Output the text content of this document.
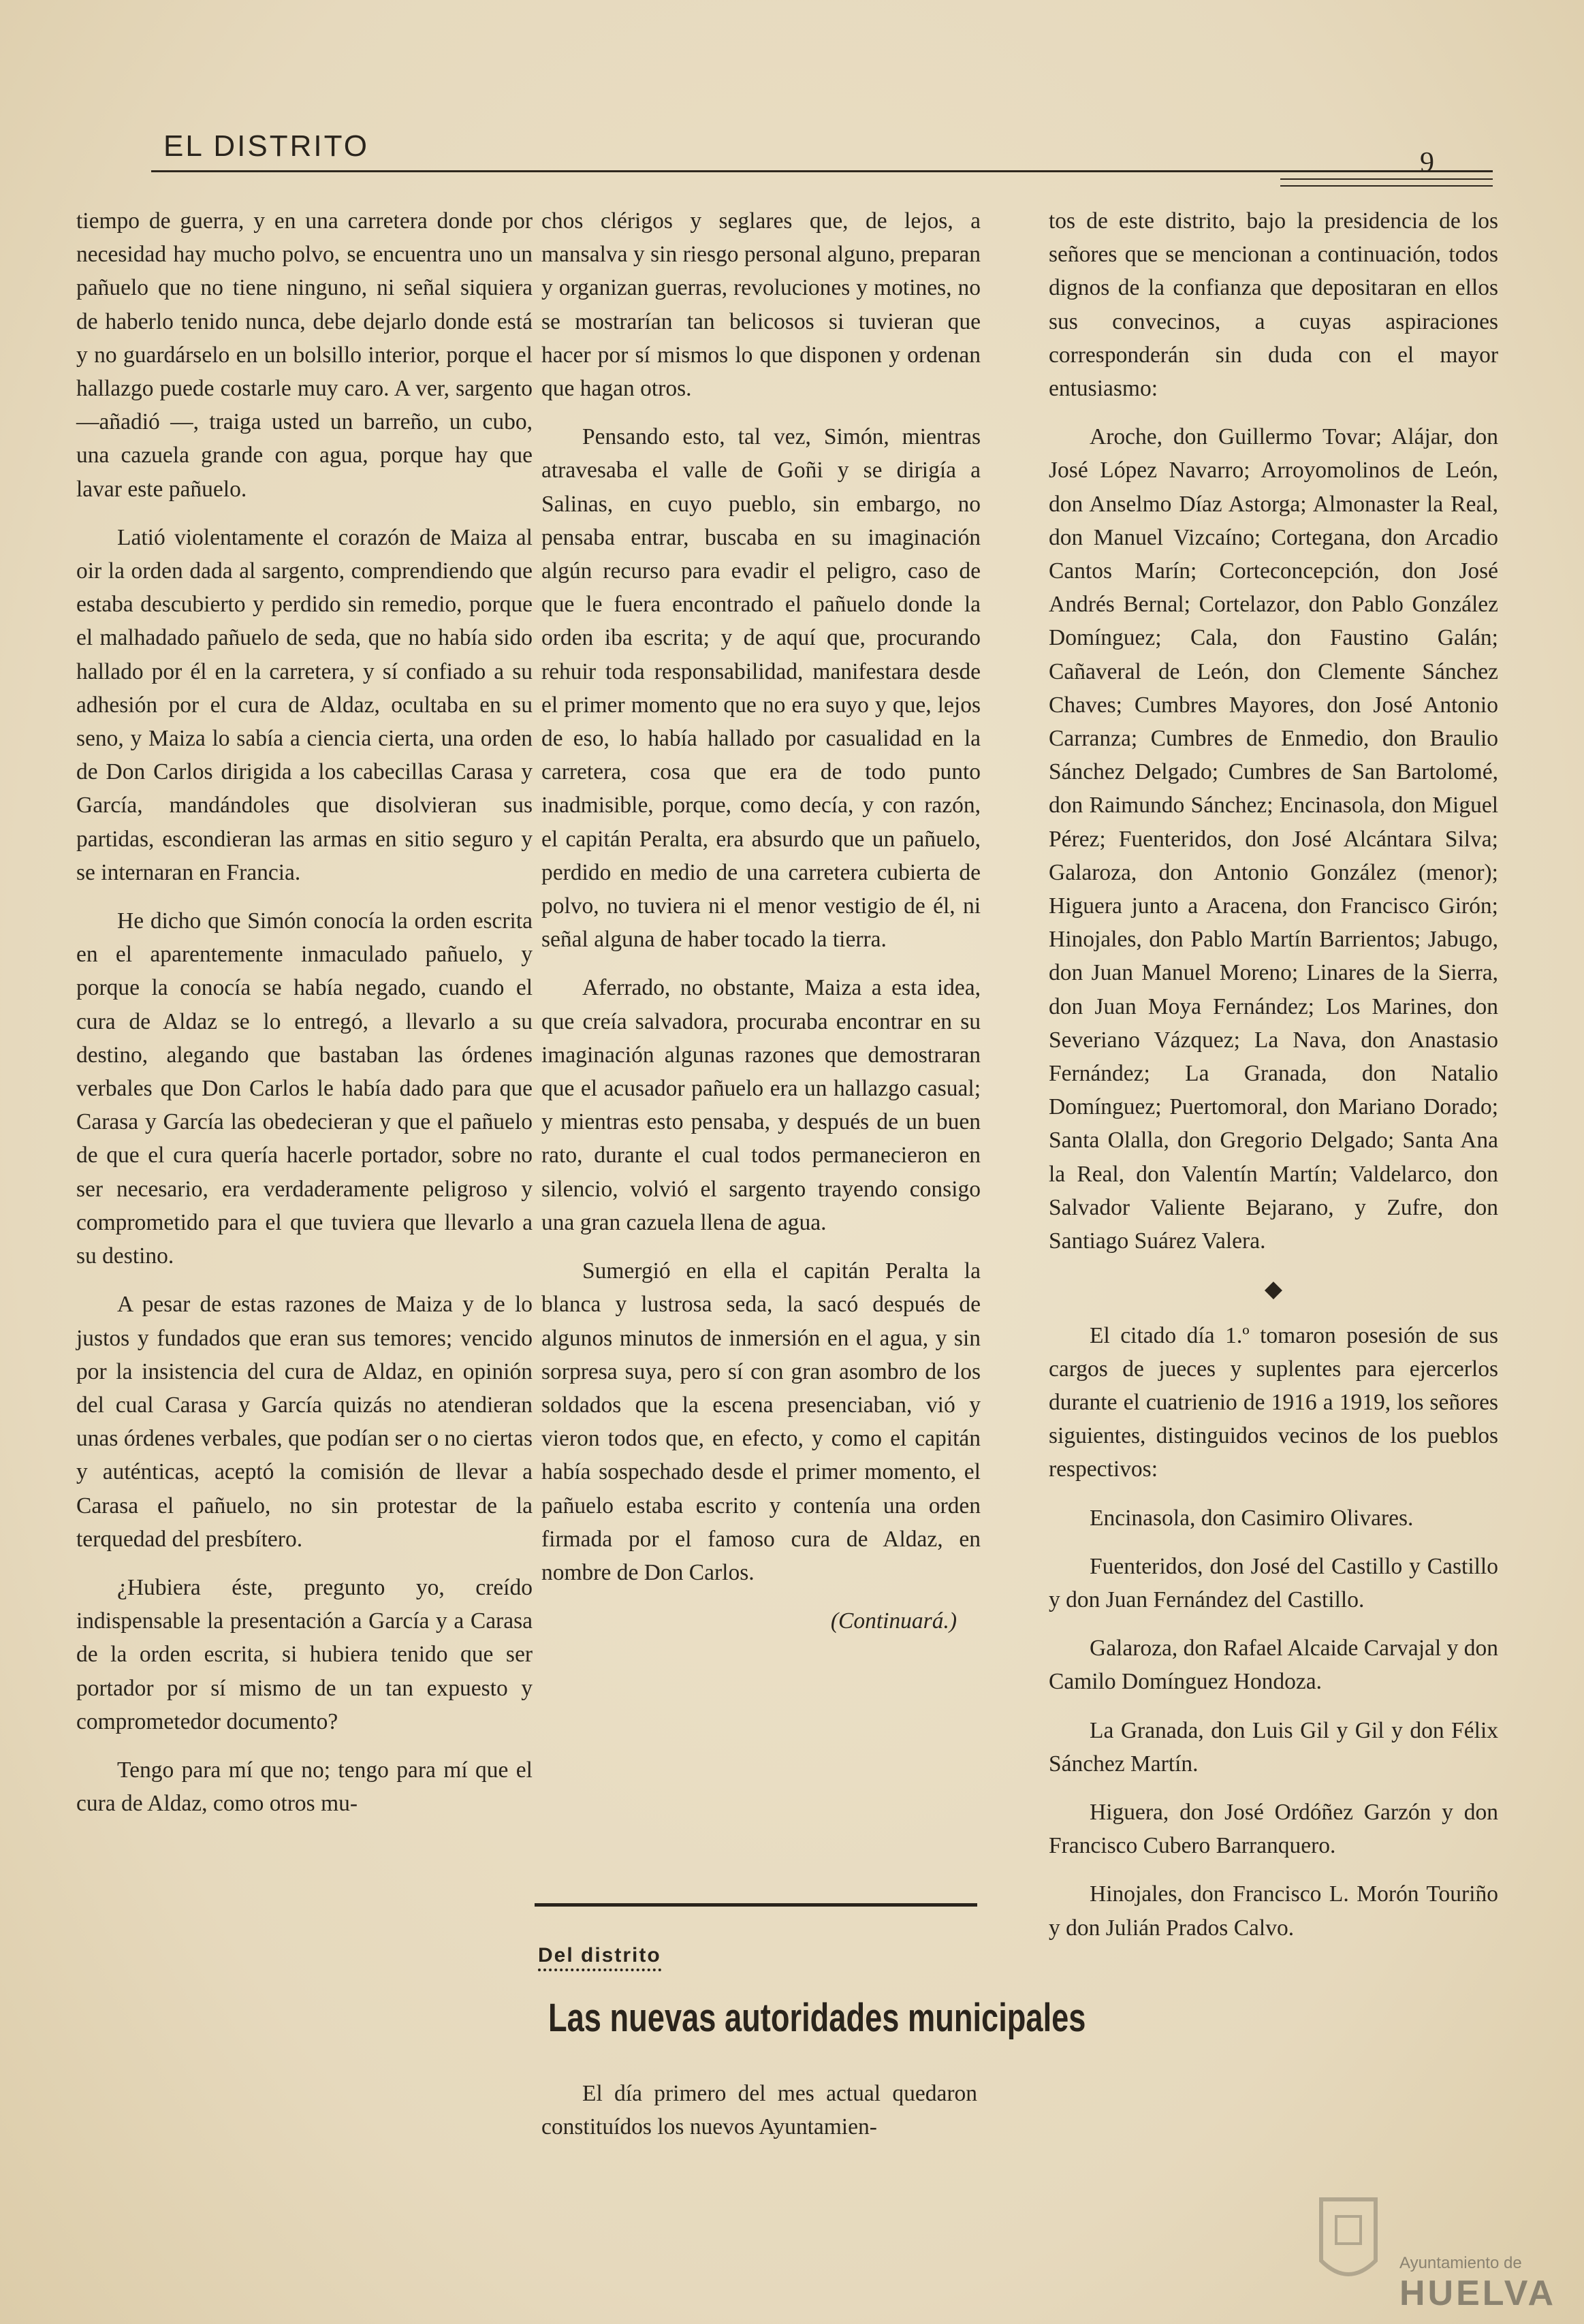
EL DISTRITO	9

tiempo de guerra, y en una carretera donde por necesidad hay mucho polvo, se encuentra uno un pañuelo que no tiene ninguno, ni señal siquiera de haberlo tenido nunca, debe dejarlo donde está y no guardárselo en un bolsillo interior, porque el hallazgo puede costarle muy caro. A ver, sargento —añadió —, traiga usted un barreño, un cubo, una cazuela grande con agua, porque hay que lavar este pañuelo.

Latió violentamente el corazón de Maiza al oir la orden dada al sargento, comprendiendo que estaba descubierto y perdido sin remedio, porque el malhadado pañuelo de seda, que no había sido hallado por él en la carretera, y sí confiado a su adhesión por el cura de Aldaz, ocultaba en su seno, y Maiza lo sabía a ciencia cierta, una orden de Don Carlos dirigida a los cabecillas Carasa y García, mandándoles que disolvieran sus partidas, escondieran las armas en sitio seguro y se internaran en Francia.

He dicho que Simón conocía la orden escrita en el aparentemente inmaculado pañuelo, y porque la conocía se había negado, cuando el cura de Aldaz se lo entregó, a llevarlo a su destino, alegando que bastaban las órdenes verbales que Don Carlos le había dado para que Carasa y García las obedecieran y que el pañuelo de que el cura quería hacerle portador, sobre no ser necesario, era verdaderamente peligroso y comprometido para el que tuviera que llevarlo a su destino.

A pesar de estas razones de Maiza y de lo justos y fundados que eran sus temores; vencido por la insistencia del cura de Aldaz, en opinión del cual Carasa y García quizás no atendieran unas órdenes verbales, que podían ser o no ciertas y auténticas, aceptó la comisión de llevar a Carasa el pañuelo, no sin protestar de la terquedad del presbítero.

¿Hubiera éste, pregunto yo, creído indispensable la presentación a García y a Carasa de la orden escrita, si hubiera tenido que ser portador por sí mismo de un tan expuesto y comprometedor documento?

Tengo para mí que no; tengo para mí que el cura de Aldaz, como otros mu-

chos clérigos y seglares que, de lejos, a mansalva y sin riesgo personal alguno, preparan y organizan guerras, revoluciones y motines, no se mostrarían tan belicosos si tuvieran que hacer por sí mismos lo que disponen y ordenan que hagan otros.

Pensando esto, tal vez, Simón, mientras atravesaba el valle de Goñi y se dirigía a Salinas, en cuyo pueblo, sin embargo, no pensaba entrar, buscaba en su imaginación algún recurso para evadir el peligro, caso de que le fuera encontrado el pañuelo donde la orden iba escrita; y de aquí que, procurando rehuir toda responsabilidad, manifestara desde el primer momento que no era suyo y que, lejos de eso, lo había hallado por casualidad en la carretera, cosa que era de todo punto inadmisible, porque, como decía, y con razón, el capitán Peralta, era absurdo que un pañuelo, perdido en medio de una carretera cubierta de polvo, no tuviera ni el menor vestigio de él, ni señal alguna de haber tocado la tierra.

Aferrado, no obstante, Maiza a esta idea, que creía salvadora, procuraba encontrar en su imaginación algunas razones que demostraran que el acusador pañuelo era un hallazgo casual; y mientras esto pensaba, y después de un buen rato, durante el cual todos permanecieron en silencio, volvió el sargento trayendo consigo una gran cazuela llena de agua.

Sumergió en ella el capitán Peralta la blanca y lustrosa seda, la sacó después de algunos minutos de inmersión en el agua, y sin sorpresa suya, pero sí con gran asombro de los soldados que la escena presenciaban, vió y vieron todos que, en efecto, y como el capitán había sospechado desde el primer momento, el pañuelo estaba escrito y contenía una orden firmada por el famoso cura de Aldaz, en nombre de Don Carlos.

(Continuará.)
Del distrito
Las nuevas autoridades municipales

El día primero del mes actual quedaron constituídos los nuevos Ayuntamien-

tos de este distrito, bajo la presidencia de los señores que se mencionan a continuación, todos dignos de la confianza que depositaran en ellos sus convecinos, a cuyas aspiraciones corresponderán sin duda con el mayor entusiasmo:

Aroche, don Guillermo Tovar; Alájar, don José López Navarro; Arroyomolinos de León, don Anselmo Díaz Astorga; Almonaster la Real, don Manuel Vizcaíno; Cortegana, don Arcadio Cantos Marín; Corteconcepción, don José Andrés Bernal; Cortelazor, don Pablo González Domínguez; Cala, don Faustino Galán; Cañaveral de León, don Clemente Sánchez Chaves; Cumbres Mayores, don José Antonio Carranza; Cumbres de Enmedio, don Braulio Sánchez Delgado; Cumbres de San Bartolomé, don Raimundo Sánchez; Encinasola, don Miguel Pérez; Fuenteridos, don José Alcántara Silva; Galaroza, don Antonio González (menor); Higuera junto a Aracena, don Francisco Girón; Hinojales, don Pablo Martín Barrientos; Jabugo, don Juan Manuel Moreno; Linares de la Sierra, don Juan Moya Fernández; Los Marines, don Severiano Vázquez; La Nava, don Anastasio Fernández; La Granada, don Natalio Domínguez; Puertomoral, don Mariano Dorado; Santa Olalla, don Gregorio Delgado; Santa Ana la Real, don Valentín Martín; Valdelarco, don Salvador Valiente Bejarano, y Zufre, don Santiago Suárez Valera.

◆

El citado día 1.º tomaron posesión de sus cargos de jueces y suplentes para ejercerlos durante el cuatrienio de 1916 a 1919, los señores siguientes, distinguidos vecinos de los pueblos respectivos:

Encinasola, don Casimiro Olivares.

Fuenteridos, don José del Castillo y Castillo y don Juan Fernández del Castillo.

Galaroza, don Rafael Alcaide Carvajal y don Camilo Domínguez Hondoza.

La Granada, don Luis Gil y Gil y don Félix Sánchez Martín.

Higuera, don José Ordóñez Garzón y don Francisco Cubero Barranquero.

Hinojales, don Francisco L. Morón Touriño y don Julián Prados Calvo.

Ayuntamiento de
HUELVA
